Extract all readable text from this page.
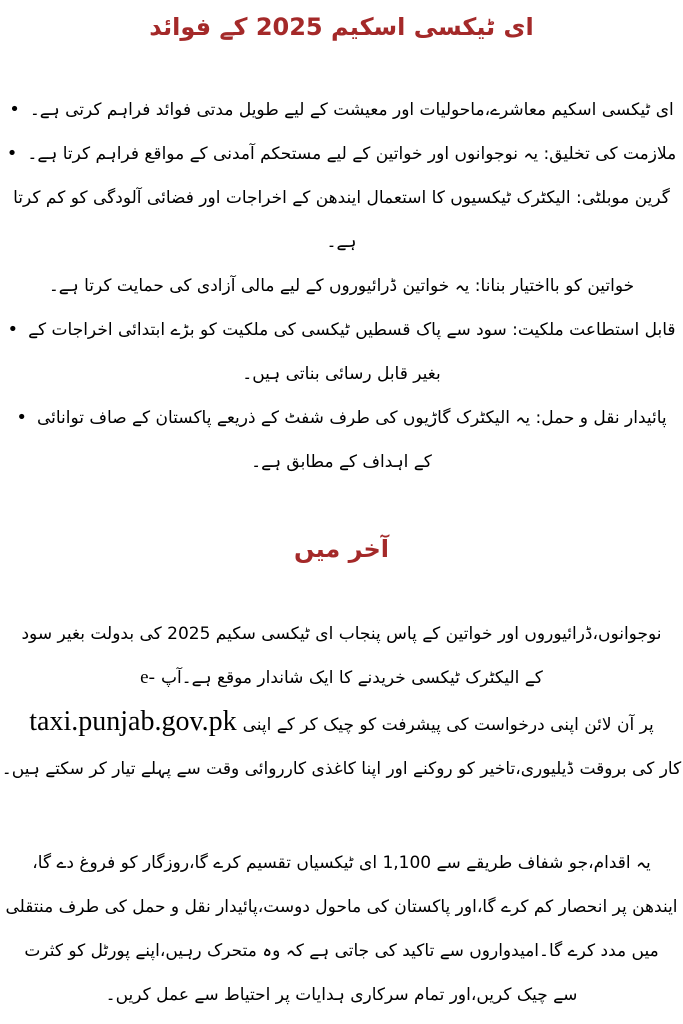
ای ٹیکسی اسکیم 2025 کے فوائد
ای ٹیکسی اسکیم معاشرے،ماحولیات اور معیشت کے لیے طویل مدتی فوائد فراہم کرتی ہے۔•
ملازمت کی تخلیق: یہ نوجوانوں اور خواتین کے لیے مستحکم آمدنی کے مواقع فراہم کرتا ہے۔•
گرین موبلٹی: الیکٹرک ٹیکسیوں کا استعمال ایندھن کے اخراجات اور فضائی آلودگی کو کم کرتا
ہے۔
خواتین کو بااختیار بنانا: یہ خواتین ڈرائیوروں کے لیے مالی آزادی کی حمایت کرتا ہے۔
قابل استطاعت ملکیت: سود سے پاک قسطیں ٹیکسی کی ملکیت کو بڑے ابتدائی اخراجات کے•
بغیر قابل رسائی بناتی ہیں۔
پائیدار نقل و حمل: یہ الیکٹرک گاڑیوں کی طرف شفٹ کے ذریعے پاکستان کے صاف توانائی•
کے اہداف کے مطابق ہے۔
آخر میں
نوجوانوں،ڈرائیوروں اور خواتین کے پاس پنجاب ای ٹیکسی سکیم 2025 کی بدولت بغیر سود
کے الیکٹرک ٹیکسی خریدنے کا ایک شاندار موقع ہے۔آپe-
پر آن لائن اپنی درخواست کی پیشرفت کو چیک کر کے اپنیtaxi.punjab.gov.pk
کار کی بروقت ڈیلیوری،تاخیر کو روکنے اور اپنا کاغذی کارروائی وقت سے پہلے تیار کر سکتے ہیں۔
یہ اقدام،جو شفاف طریقے سے 1,100 ای ٹیکسیاں تقسیم کرے گا،روزگار کو فروغ دے گا،
ایندھن پر انحصار کم کرے گا،اور پاکستان کی ماحول دوست،پائیدار نقل و حمل کی طرف منتقلی
میں مدد کرے گا۔امیدواروں سے تاکید کی جاتی ہے کہ وہ متحرک رہیں،اپنے پورٹل کو کثرت
سے چیک کریں،اور تمام سرکاری ہدایات پر احتیاط سے عمل کریں۔
